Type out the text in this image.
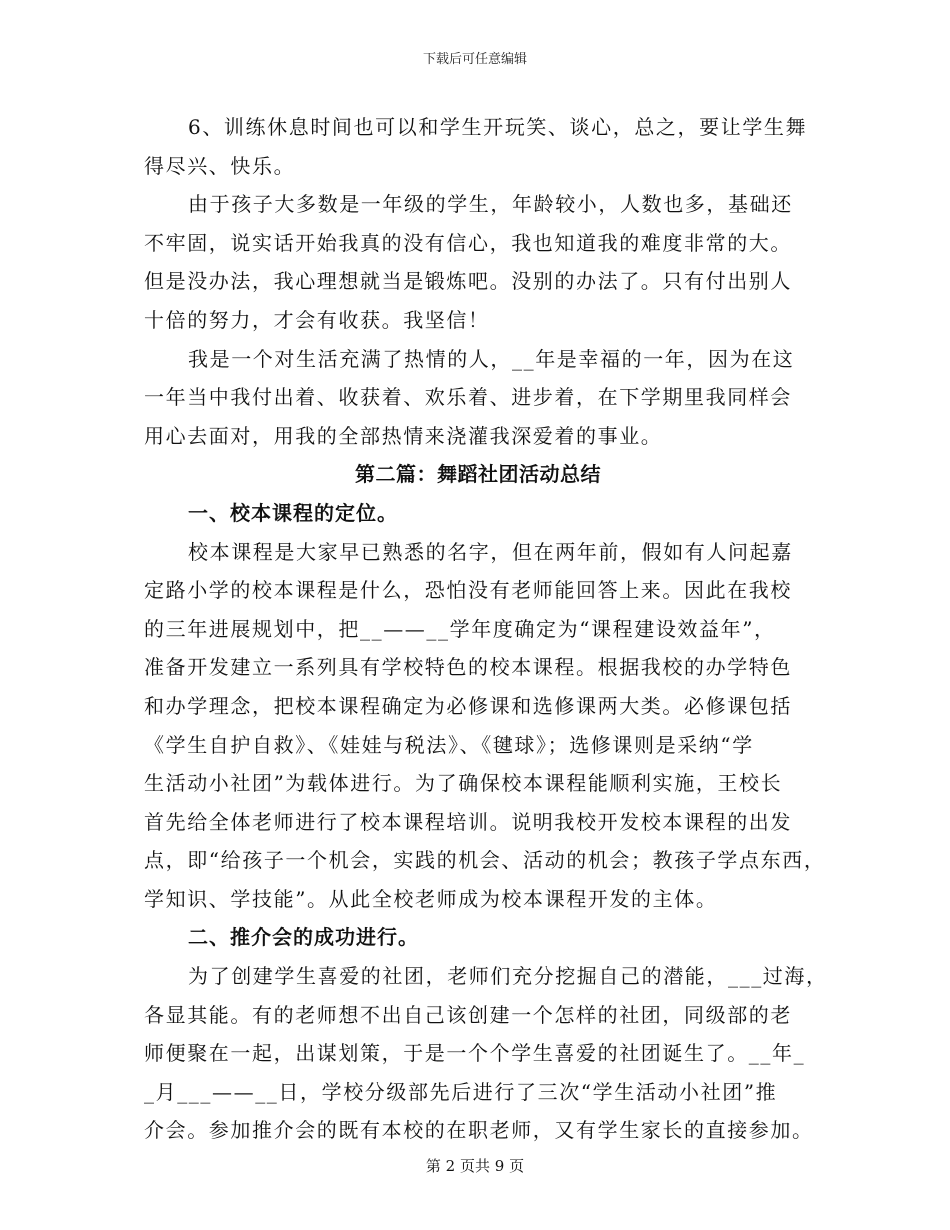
下载后可任意编辑
6、训练休息时间也可以和学生开玩笑、谈心，总之，要让学生舞
得尽兴、快乐。
由于孩子大多数是一年级的学生，年龄较小，人数也多，基础还
不牢固，说实话开始我真的没有信心，我也知道我的难度非常的大。
但是没办法，我心理想就当是锻炼吧。没别的办法了。只有付出别人
十倍的努力，才会有收获。我坚信！
我是一个对生活充满了热情的人，__年是幸福的一年，因为在这
一年当中我付出着、收获着、欢乐着、进步着，在下学期里我同样会
用心去面对，用我的全部热情来浇灌我深爱着的事业。
第二篇：舞蹈社团活动总结
一、校本课程的定位。
校本课程是大家早已熟悉的名字，但在两年前，假如有人问起嘉
定路小学的校本课程是什么，恐怕没有老师能回答上来。因此在我校
的三年进展规划中，把__——__学年度确定为“课程建设效益年”，
准备开发建立一系列具有学校特色的校本课程。根据我校的办学特色
和办学理念，把校本课程确定为必修课和选修课两大类。必修课包括
《学生自护自救》、《娃娃与税法》、《毽球》；选修课则是采纳“学
生活动小社团”为载体进行。为了确保校本课程能顺利实施，王校长
首先给全体老师进行了校本课程培训。说明我校开发校本课程的出发
点，即“给孩子一个机会，实践的机会、活动的机会；教孩子学点东西，
学知识、学技能”。从此全校老师成为校本课程开发的主体。
二、推介会的成功进行。
为了创建学生喜爱的社团，老师们充分挖掘自己的潜能，___过海，
各显其能。有的老师想不出自己该创建一个怎样的社团，同级部的老
师便聚在一起，出谋划策，于是一个个学生喜爱的社团诞生了。__年_
_月___——__日，学校分级部先后进行了三次“学生活动小社团”推
介会。参加推介会的既有本校的在职老师，又有学生家长的直接参加。
第 2 页共 9 页
